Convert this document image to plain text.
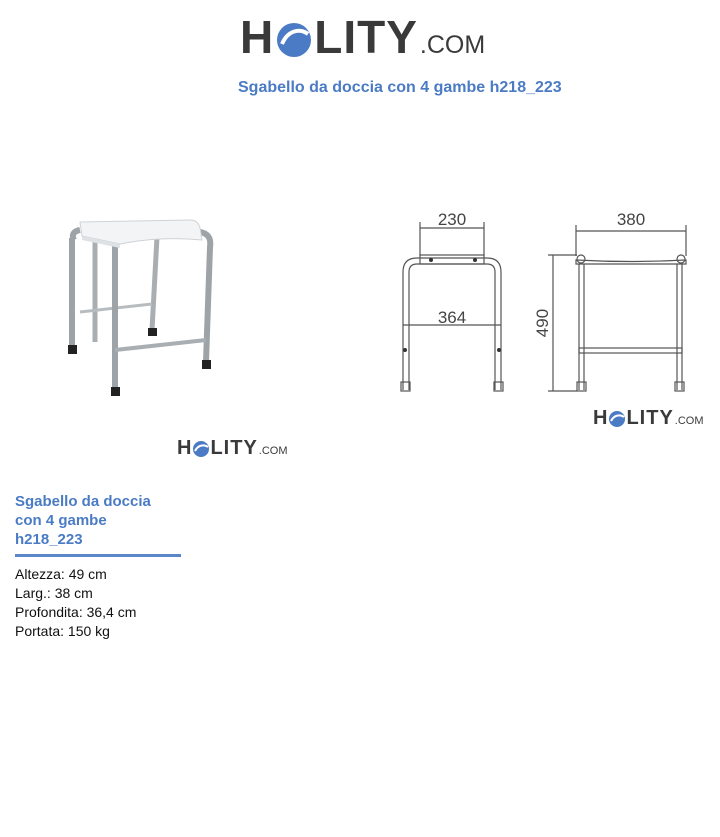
H LITY .COM
Sgabello da doccia con 4 gambe h218_223
H LITY .COM
230
364
380
490
H LITY .COM
Sgabello da doccia
con 4 gambe
h218_223
Altezza: 49 cm
Larg.: 38 cm
Profondita: 36,4 cm
Portata: 150 kg
